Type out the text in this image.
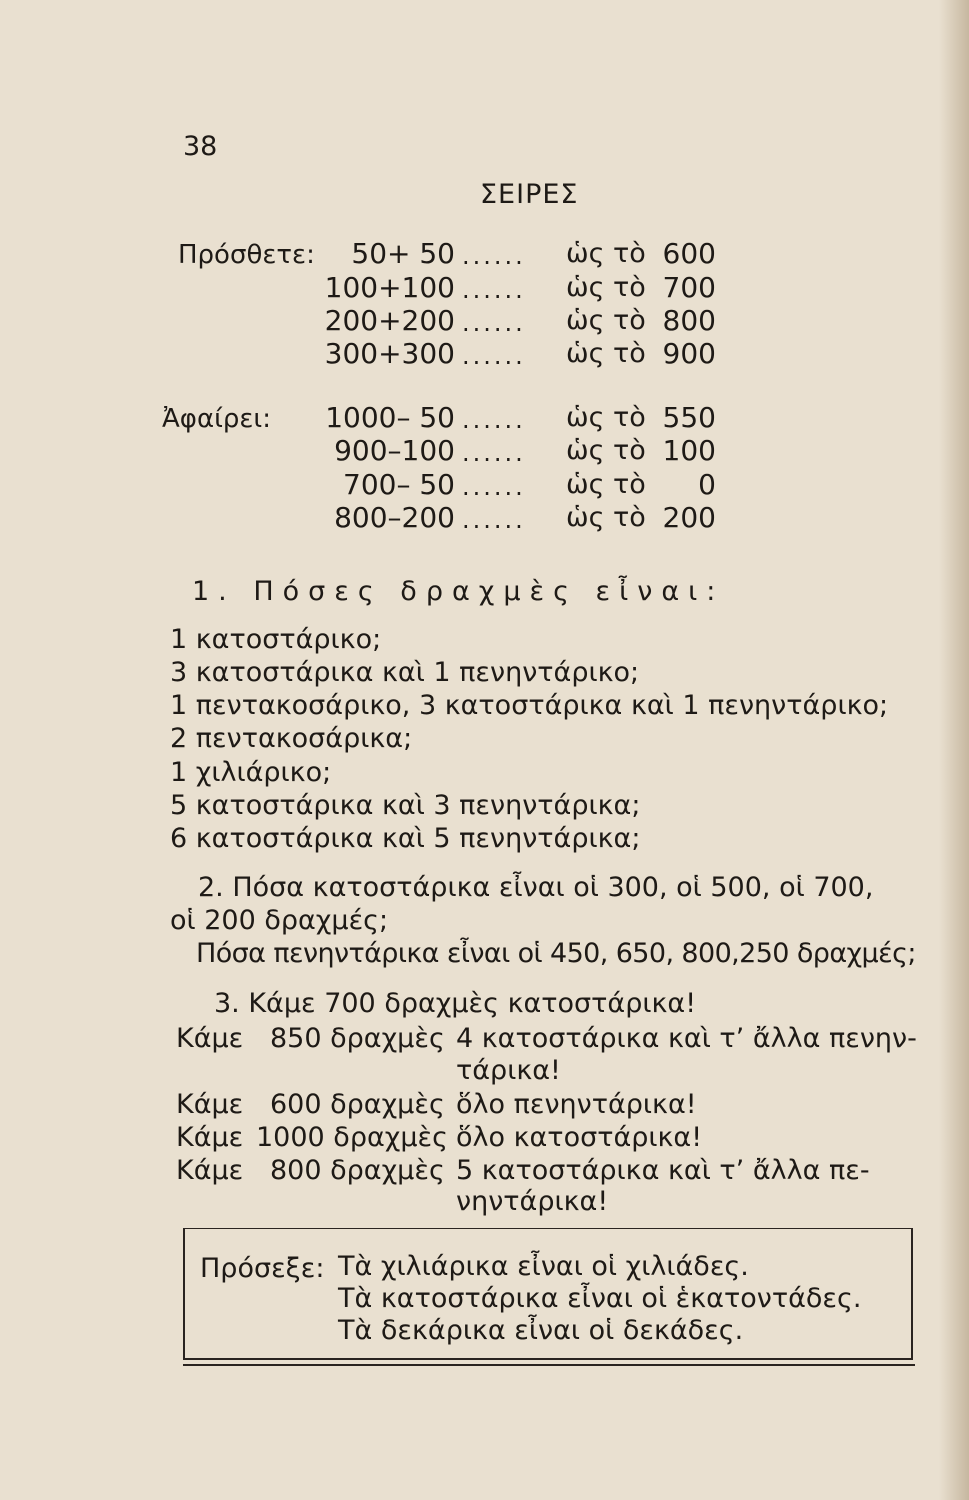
38
ΣΕΙΡΕΣ
Πρόσθετε:	50+ 50 ...... ὡς τὸ 600
100+100 ...... ὡς τὸ 700
200+200 ...... ὡς τὸ 800
300+300 ...... ὡς τὸ 900
Ἀφαίρει:	1000– 50 ...... ὡς τὸ 550
900–100 ...... ὡς τὸ 100
700– 50 ...... ὡς τὸ	0
800–200 ...... ὡς τὸ 200
1. Πόσες δραχμὲς εἶναι:
1 κατοστάρικο;
3 κατοστάρικα καὶ 1 πενηντάρικο;
1 πεντακοσάρικο, 3 κατοστάρικα καὶ 1 πενηντάρικο;
2 πεντακοσάρικα;
1 χιλιάρικο;
5 κατοστάρικα καὶ 3 πενηντάρικα;
6 κατοστάρικα καὶ 5 πενηντάρικα;
2. Πόσα κατοστάρικα εἶναι οἱ 300, οἱ 500, οἱ 700,
οἱ 200 δραχμές;
Πόσα πενηντάρικα εἶναι οἱ 450, 650, 800,250 δραχμές;
3. Κάμε 700 δραχμὲς κατοστάρικα!
Κάμε 850 δραχμὲς 4 κατοστάρικα καὶ τ’ ἄλλα πενην-
τάρικα!
Κάμε 600 δραχμὲς ὅλο πενηντάρικα!
Κάμε 1000 δραχμὲς ὅλο κατοστάρικα!
Κάμε 800 δραχμὲς 5 κατοστάρικα καὶ τ’ ἄλλα πε-
νηντάρικα!
Πρόσεξε: Τὰ χιλιάρικα εἶναι οἱ χιλιάδες.
Τὰ κατοστάρικα εἶναι οἱ ἑκατοντάδες.
Τὰ δεκάρικα εἶναι οἱ δεκάδες.
